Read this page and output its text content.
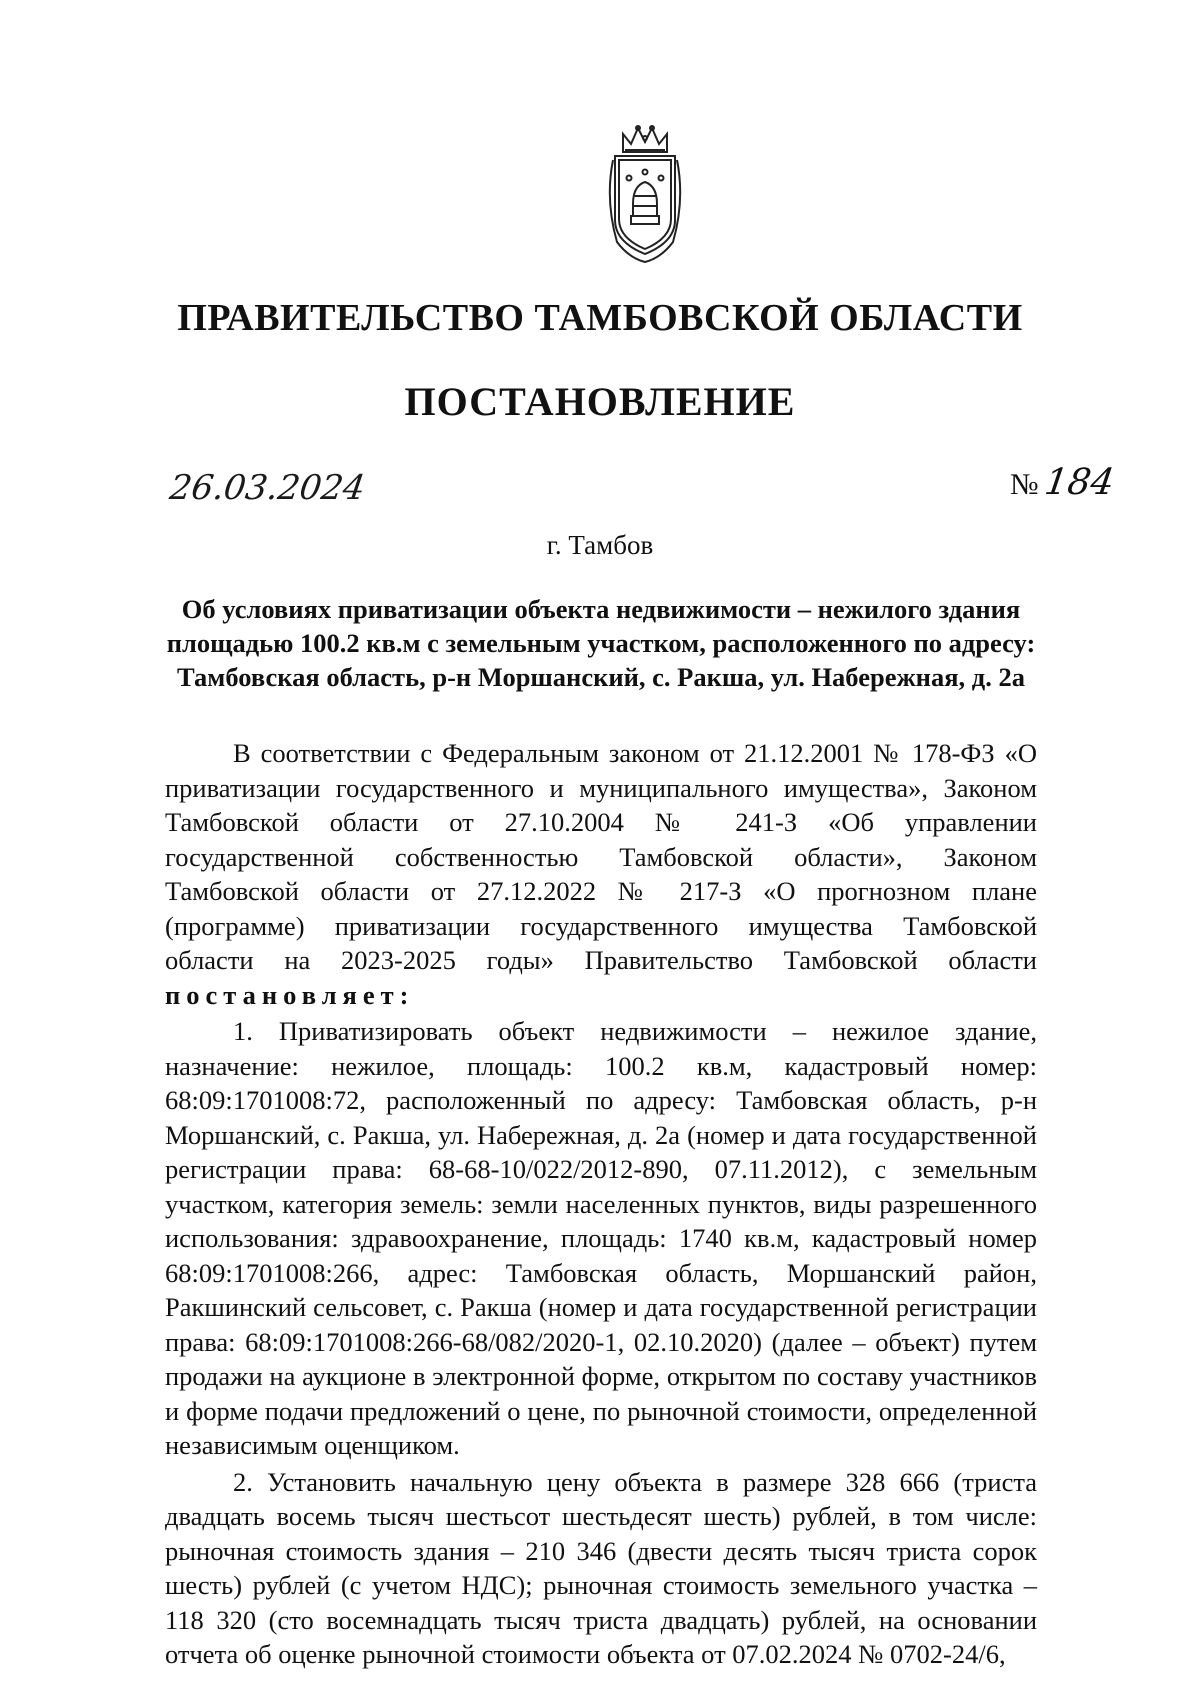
ПРАВИТЕЛЬСТВО ТАМБОВСКОЙ ОБЛАСТИ
ПОСТАНОВЛЕНИЕ
26.03.2024	№184
г. Тамбов
Об условиях приватизации объекта недвижимости – нежилого здания площадью 100.2 кв.м с земельным участком, расположенного по адресу: Тамбовская область, р-н Моршанский, с. Ракша, ул. Набережная, д. 2а

В соответствии с Федеральным законом от 21.12.2001 № 178-ФЗ «О приватизации государственного и муниципального имущества», Законом Тамбовской области от 27.10.2004 № 241-З «Об управлении государственной собственностью Тамбовской области», Законом Тамбовской области от 27.12.2022 № 217-З «О прогнозном плане (программе) приватизации государственного имущества Тамбовской области на 2023-2025 годы» Правительство Тамбовской области постановляет:

1. Приватизировать объект недвижимости – нежилое здание, назначение: нежилое, площадь: 100.2 кв.м, кадастровый номер: 68:09:1701008:72, расположенный по адресу: Тамбовская область, р-н Моршанский, с. Ракша, ул. Набережная, д. 2а (номер и дата государственной регистрации права: 68-68-10/022/2012-890, 07.11.2012), с земельным участком, категория земель: земли населенных пунктов, виды разрешенного использования: здравоохранение, площадь: 1740 кв.м, кадастровый номер 68:09:1701008:266, адрес: Тамбовская область, Моршанский район, Ракшинский сельсовет, с. Ракша (номер и дата государственной регистрации права: 68:09:1701008:266-68/082/2020-1, 02.10.2020) (далее – объект) путем продажи на аукционе в электронной форме, открытом по составу участников и форме подачи предложений о цене, по рыночной стоимости, определенной независимым оценщиком.

2. Установить начальную цену объекта в размере 328 666 (триста двадцать восемь тысяч шестьсот шестьдесят шесть) рублей, в том числе: рыночная стоимость здания – 210 346 (двести десять тысяч триста сорок шесть) рублей (с учетом НДС); рыночная стоимость земельного участка – 118 320 (сто восемнадцать тысяч триста двадцать) рублей, на основании отчета об оценке рыночной стоимости объекта от 07.02.2024 № 0702-24/6,
